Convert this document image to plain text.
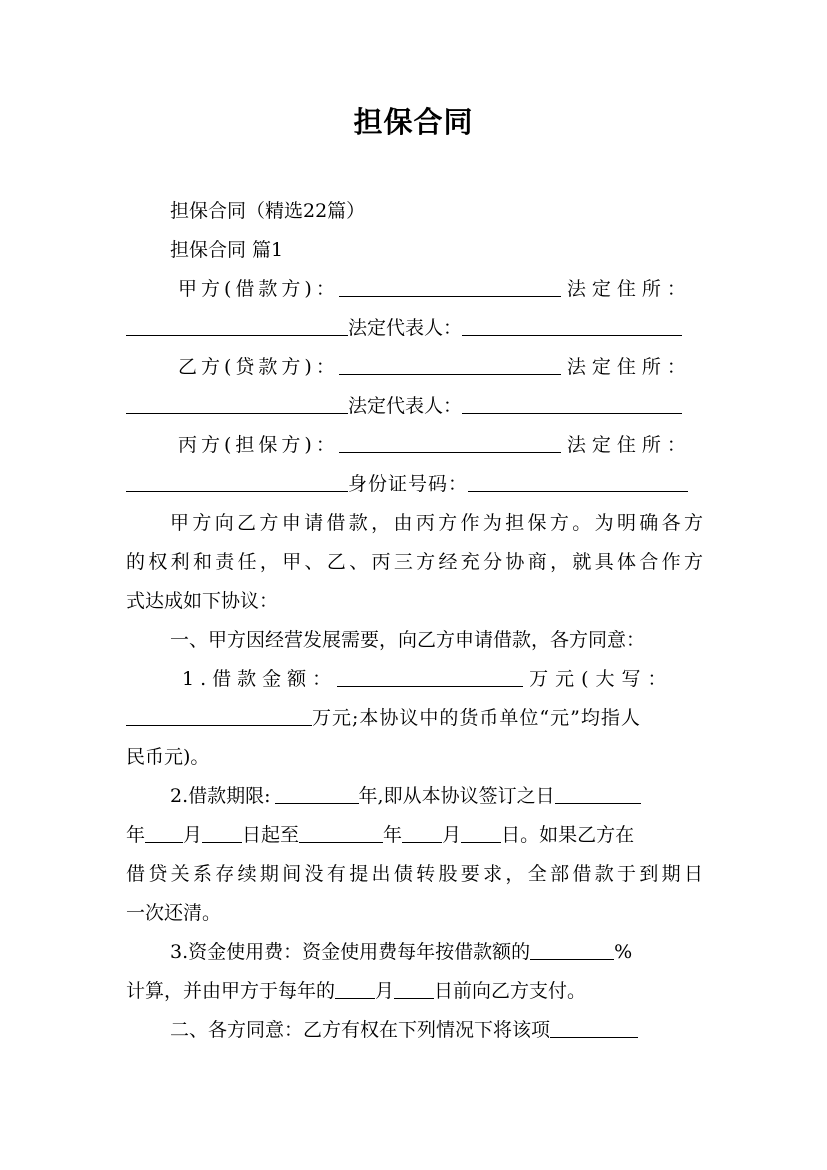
担保合同
担保合同（精选22篇）
担保合同 篇1
甲方(借款方)：	法定住所：
法定代表人：
乙方(贷款方)：	法定住所：
法定代表人：
丙方(担保方)：	法定住所：
身份证号码：
甲方向乙方申请借款，由丙方作为担保方。为明确各方
的权利和责任，甲、乙、丙三方经充分协商，就具体合作方
式达成如下协议：
一、甲方因经营发展需要，向乙方申请借款，各方同意：
1.借款金额：	万元(大写：
万元;本协议中的货币单位“元”均指人
民币元)。
2.借款期限:	年,即从本协议签订之日
年 月 日起至	年 月 日。如果乙方在
借贷关系存续期间没有提出债转股要求，全部借款于到期日
一次还清。
3.资金使用费：资金使用费每年按借款额的	%
计算，并由甲方于每年的 月 日前向乙方支付。
二、各方同意：乙方有权在下列情况下将该项
